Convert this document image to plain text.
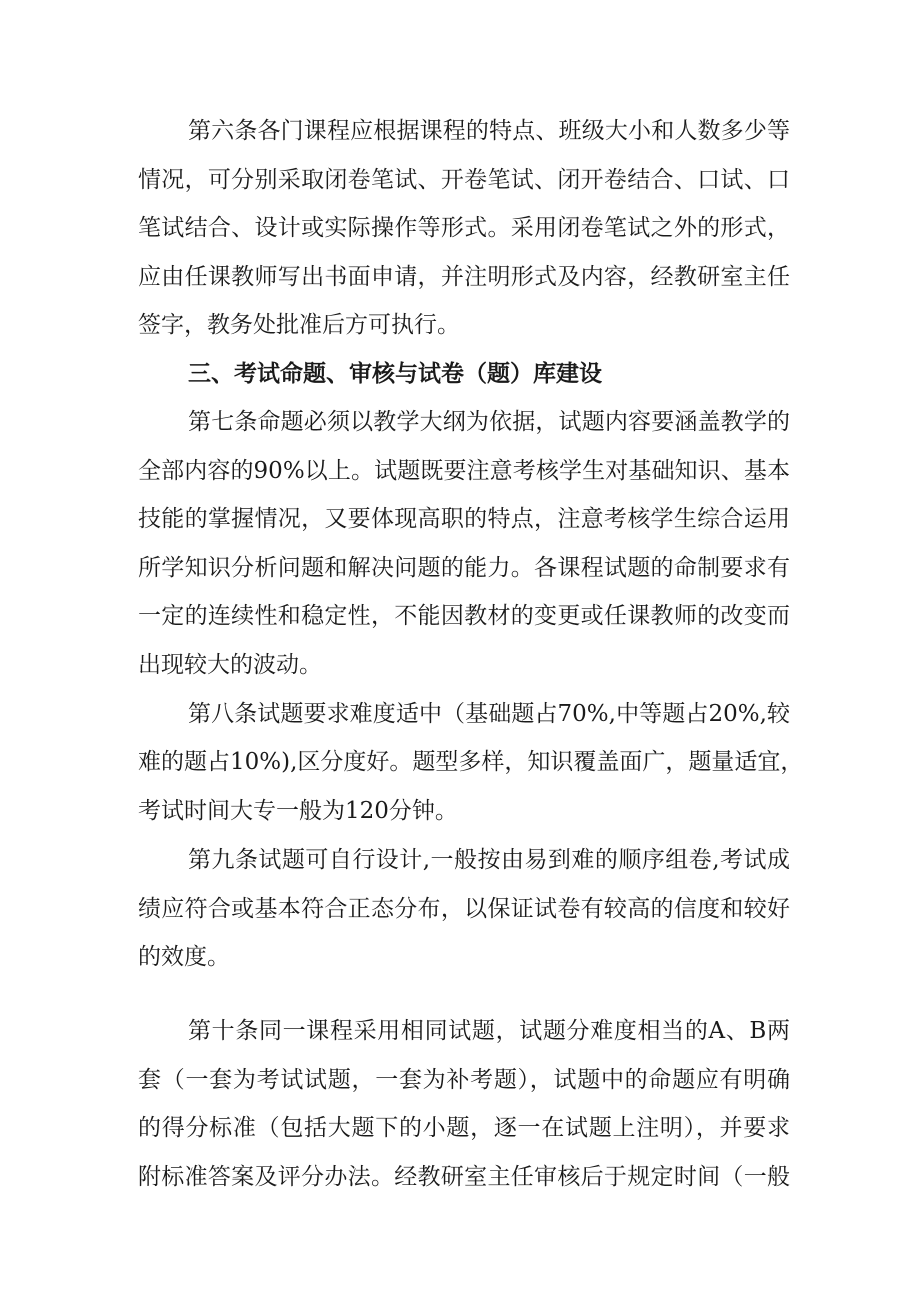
第六条各门课程应根据课程的特点、班级大小和人数多少等
情况，可分别采取闭卷笔试、开卷笔试、闭开卷结合、口试、口
笔试结合、设计或实际操作等形式。采用闭卷笔试之外的形式，
应由任课教师写出书面申请，并注明形式及内容，经教研室主任
签字，教务处批准后方可执行。
三、考试命题、审核与试卷（题）库建设
第七条命题必须以教学大纲为依据，试题内容要涵盖教学的
全部内容的90%以上。试题既要注意考核学生对基础知识、基本
技能的掌握情况，又要体现高职的特点，注意考核学生综合运用
所学知识分析问题和解决问题的能力。各课程试题的命制要求有
一定的连续性和稳定性，不能因教材的变更或任课教师的改变而
出现较大的波动。
第八条试题要求难度适中（基础题占70%,中等题占20%,较
难的题占10%),区分度好。题型多样，知识覆盖面广，题量适宜，
考试时间大专一般为120分钟。
第九条试题可自行设计,一般按由易到难的顺序组卷,考试成
绩应符合或基本符合正态分布，以保证试卷有较高的信度和较好
的效度。
第十条同一课程采用相同试题，试题分难度相当的A、B两
套（一套为考试试题，一套为补考题），试题中的命题应有明确
的得分标准（包括大题下的小题，逐一在试题上注明），并要求
附标准答案及评分办法。经教研室主任审核后于规定时间（一般
